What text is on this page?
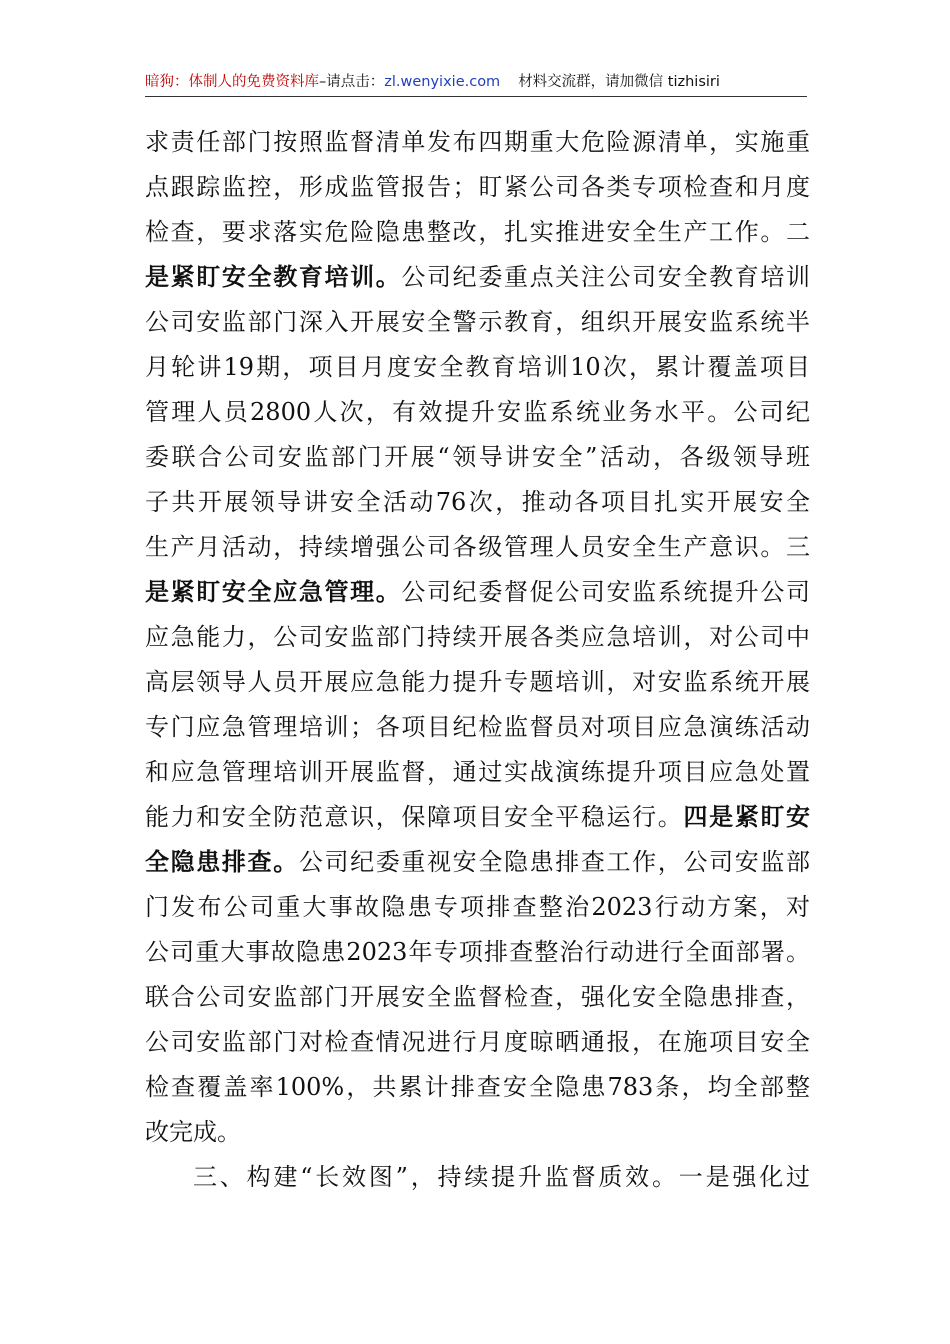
暗狗：体制人的免费资料库–请点击：zl.wenyixie.com 材料交流群，请加微信 tizhisiri
求责任部门按照监督清单发布四期重大危险源清单，实施重
点跟踪监控，形成监管报告；盯紧公司各类专项检查和月度
检查，要求落实危险隐患整改，扎实推进安全生产工作。二
是紧盯安全教育培训。公司纪委重点关注公司安全教育培训
公司安监部门深入开展安全警示教育，组织开展安监系统半
月轮讲19期，项目月度安全教育培训10次，累计覆盖项目
管理人员2800人次，有效提升安监系统业务水平。公司纪
委联合公司安监部门开展“领导讲安全”活动，各级领导班
子共开展领导讲安全活动76次，推动各项目扎实开展安全
生产月活动，持续增强公司各级管理人员安全生产意识。三
是紧盯安全应急管理。公司纪委督促公司安监系统提升公司
应急能力，公司安监部门持续开展各类应急培训，对公司中
高层领导人员开展应急能力提升专题培训，对安监系统开展
专门应急管理培训；各项目纪检监督员对项目应急演练活动
和应急管理培训开展监督，通过实战演练提升项目应急处置
能力和安全防范意识，保障项目安全平稳运行。四是紧盯安
全隐患排查。公司纪委重视安全隐患排查工作，公司安监部
门发布公司重大事故隐患专项排查整治2023行动方案，对
公司重大事故隐患2023年专项排查整治行动进行全面部署。
联合公司安监部门开展安全监督检查，强化安全隐患排查，
公司安监部门对检查情况进行月度晾晒通报，在施项目安全
检查覆盖率100%，共累计排查安全隐患783条，均全部整
改完成。
三、构建“长效图”，持续提升监督质效。一是强化过
